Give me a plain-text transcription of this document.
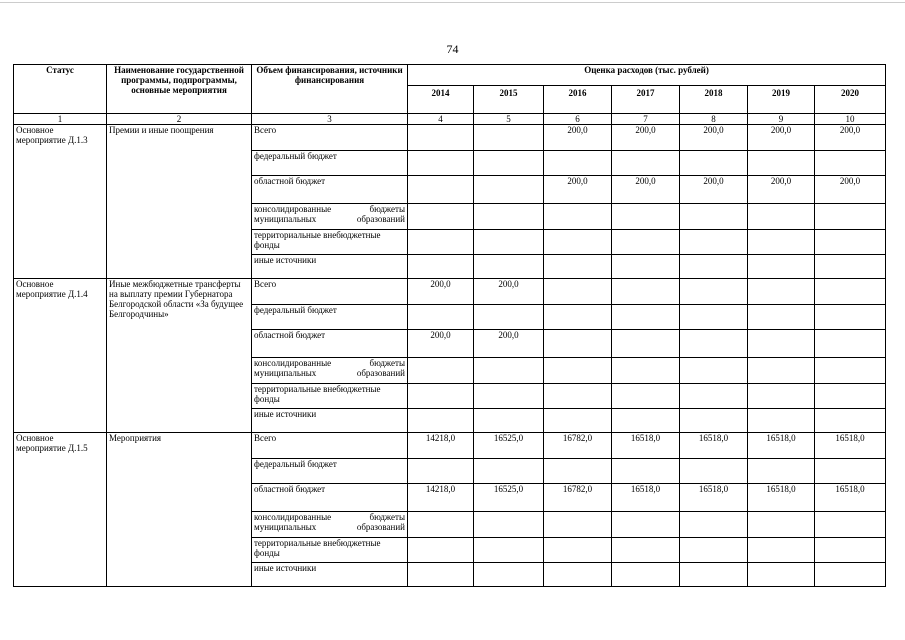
74
Статус	Наименование государственной программы, подпрограммы, основные мероприятия	Объем финансирования, источники финансирования	Оценка расходов (тыс. рублей)						
			2014	2015	2016	2017	2018	2019	2020
1	2	3	4	5	6	7	8	9	10
Основное мероприятие Д.1.3	Премии и иные поощрения	Всего			200,0	200,0	200,0	200,0	200,0
		федеральный бюджет							
		областной бюджет			200,0	200,0	200,0	200,0	200,0
		консолидированные бюджеты муниципальных образований							
		территориальные внебюджетные фонды							
		иные источники							
Основное мероприятие Д.1.4	Иные межбюджетные трансферты на выплату премии Губернатора Белгородской области «За будущее Белгородчины»	Всего	200,0	200,0					
		федеральный бюджет							
		областной бюджет	200,0	200,0					
		консолидированные бюджеты муниципальных образований							
		территориальные внебюджетные фонды							
		иные источники							
Основное мероприятие Д.1.5	Мероприятия	Всего	14218,0	16525,0	16782,0	16518,0	16518,0	16518,0	16518,0
		федеральный бюджет							
		областной бюджет	14218,0	16525,0	16782,0	16518,0	16518,0	16518,0	16518,0
		консолидированные бюджеты муниципальных образований							
		территориальные внебюджетные фонды							
		иные источники							
